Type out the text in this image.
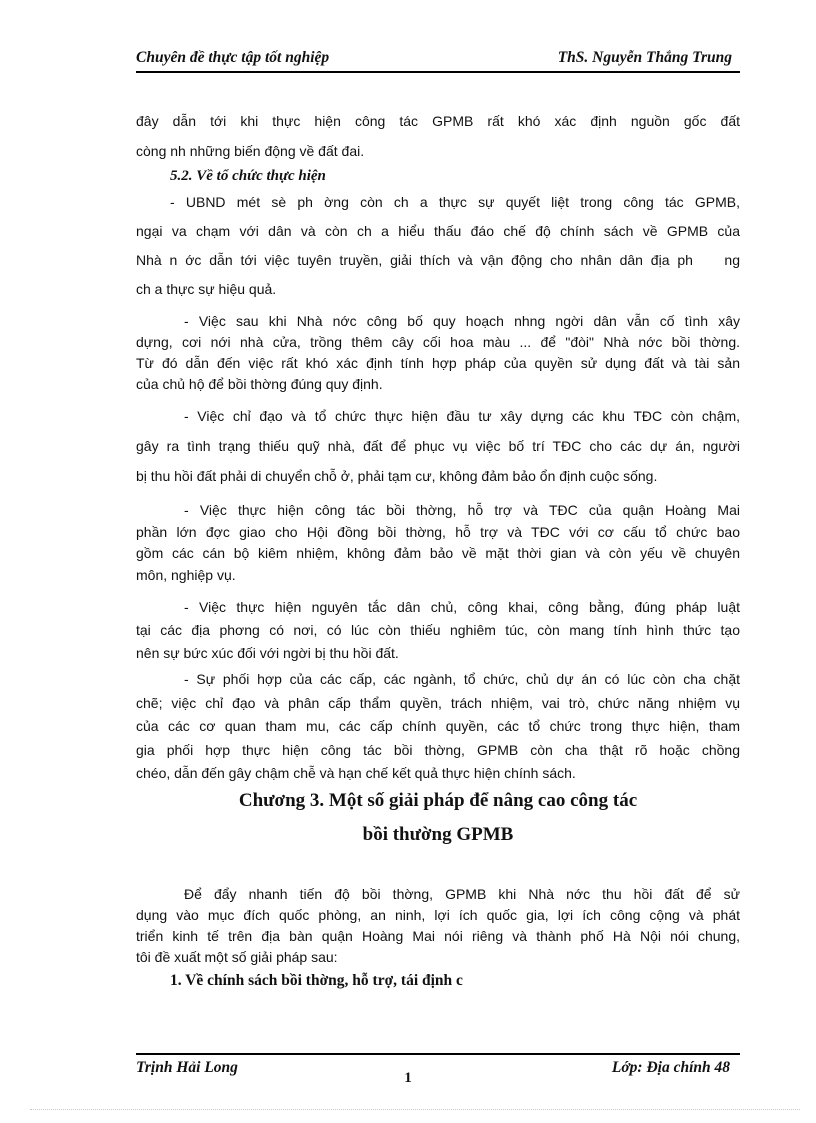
Chuyên đề thực tập tốt nghiệp	ThS. Nguyễn Thắng Trung
đây dẫn tới khi thực hiện công tác GPMB rất khó xác định nguồn gốc đất
còng nh những biến động về đất đai.
5.2. Về tổ chức thực hiện
- UBND mét sè ph ờng còn ch a thực sự quyết liệt trong công tác GPMB,
ngại va chạm với dân và còn ch a hiểu thấu đáo chế độ chính sách về GPMB của
Nhà n ớc dẫn tới việc tuyên truyền, giải thích và vận động cho nhân dân địa ph    ng
ch a thực sự hiệu quả.
- Việc sau khi Nhà nớc công bố quy hoạch nhng ngời dân vẫn cố tình xây
dựng, cơi nới nhà cửa, trồng thêm cây cối hoa màu ... để "đòi" Nhà nớc bồi thờng.
Từ đó dẫn đến việc rất khó xác định tính hợp pháp của quyền sử dụng đất và tài sản
của chủ hộ để bồi thờng đúng quy định.
- Việc chỉ đạo và tổ chức thực hiện đầu tư xây dựng các khu TĐC còn chậm,
gây ra tình trạng thiếu quỹ nhà, đất để phục vụ việc bố trí TĐC cho các dự án, người
bị thu hồi đất phải di chuyển chỗ ở, phải tạm cư, không đảm bảo ổn định cuộc sống.
- Việc thực hiện công tác bồi thờng, hỗ trợ và TĐC của quận Hoàng Mai
phần lớn đợc giao cho Hội đồng bồi thờng, hỗ trợ và TĐC với cơ cấu tổ chức bao
gồm các cán bộ kiêm nhiệm, không đảm bảo về mặt thời gian và còn yếu về chuyên
môn, nghiệp vụ.
- Việc thực hiện nguyên tắc dân chủ, công khai, công bằng, đúng pháp luật
tại các địa phơng có nơi, có lúc còn thiếu nghiêm túc, còn mang tính hình thức tạo
nên sự bức xúc đối với ngời bị thu hồi đất.
- Sự phối hợp của các cấp, các ngành, tổ chức, chủ dự án có lúc còn cha chặt
chẽ; việc chỉ đạo và phân cấp thẩm quyền, trách nhiệm, vai trò, chức năng nhiệm vụ
của các cơ quan tham mu, các cấp chính quyền, các tổ chức trong thực hiện, tham
gia phối hợp thực hiện công tác bồi thờng, GPMB còn cha thật rõ hoặc chồng
chéo, dẫn đến gây chậm chễ và hạn chế kết quả thực hiện chính sách.
Chương 3. Một số giải pháp để nâng cao công tác
bồi thường GPMB
Để đẩy nhanh tiến độ bồi thờng, GPMB khi Nhà nớc thu hồi đất để sử
dụng vào mục đích quốc phòng, an ninh, lợi ích quốc gia, lợi ích công cộng và phát
triển kinh tế trên địa bàn quận Hoàng Mai nói riêng và thành phố Hà Nội nói chung,
tôi đề xuất một số giải pháp sau:
1. Về chính sách bồi thờng, hỗ trợ, tái định c
Trịnh Hải Long	Lớp: Địa chính 48
1
